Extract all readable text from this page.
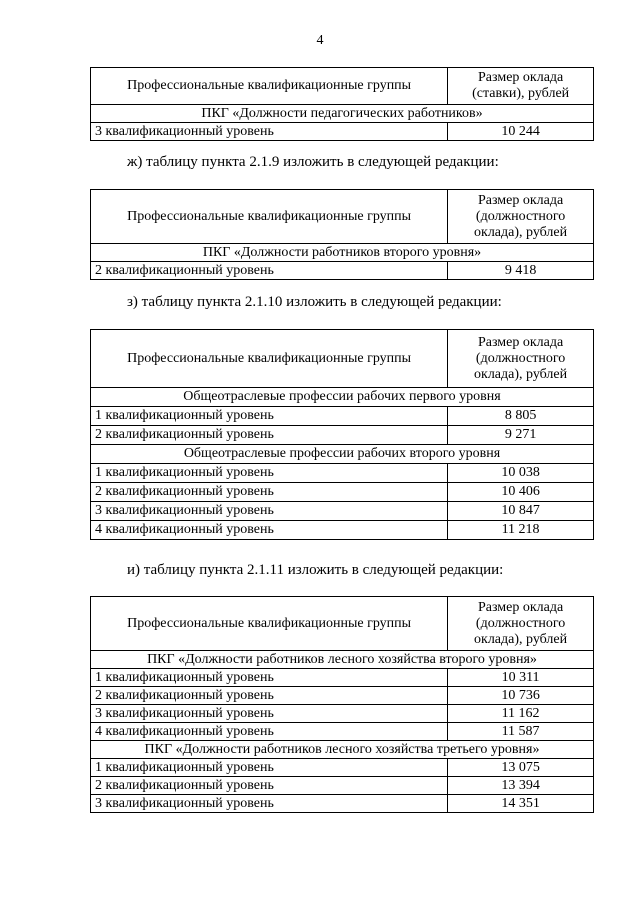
4
Профессиональные квалификационные группы	Размер оклада
(ставки), рублей

ПКГ «Должности педагогических работников»	
3 квалификационный уровень	10 244
ж) таблицу пункта 2.1.9 изложить в следующей редакции:
Профессиональные квалификационные группы	Размер оклада
(должностного
оклада), рублей

ПКГ «Должности работников второго уровня»	
2 квалификационный уровень	9 418
з) таблицу пункта 2.1.10 изложить в следующей редакции:
Профессиональные квалификационные группы	Размер оклада
(должностного
оклада), рублей

Общеотраслевые профессии рабочих первого уровня	
1 квалификационный уровень	8 805
2 квалификационный уровень	9 271
Общеотраслевые профессии рабочих второго уровня	
1 квалификационный уровень	10 038
2 квалификационный уровень	10 406
3 квалификационный уровень	10 847
4 квалификационный уровень	11 218
и) таблицу пункта 2.1.11 изложить в следующей редакции:
Профессиональные квалификационные группы	Размер оклада
(должностного
оклада), рублей

ПКГ «Должности работников лесного хозяйства второго уровня»	
1 квалификационный уровень	10 311
2 квалификационный уровень	10 736
3 квалификационный уровень	11 162
4 квалификационный уровень	11 587
ПКГ «Должности работников лесного хозяйства третьего уровня»	
1 квалификационный уровень	13 075
2 квалификационный уровень	13 394
3 квалификационный уровень	14 351
